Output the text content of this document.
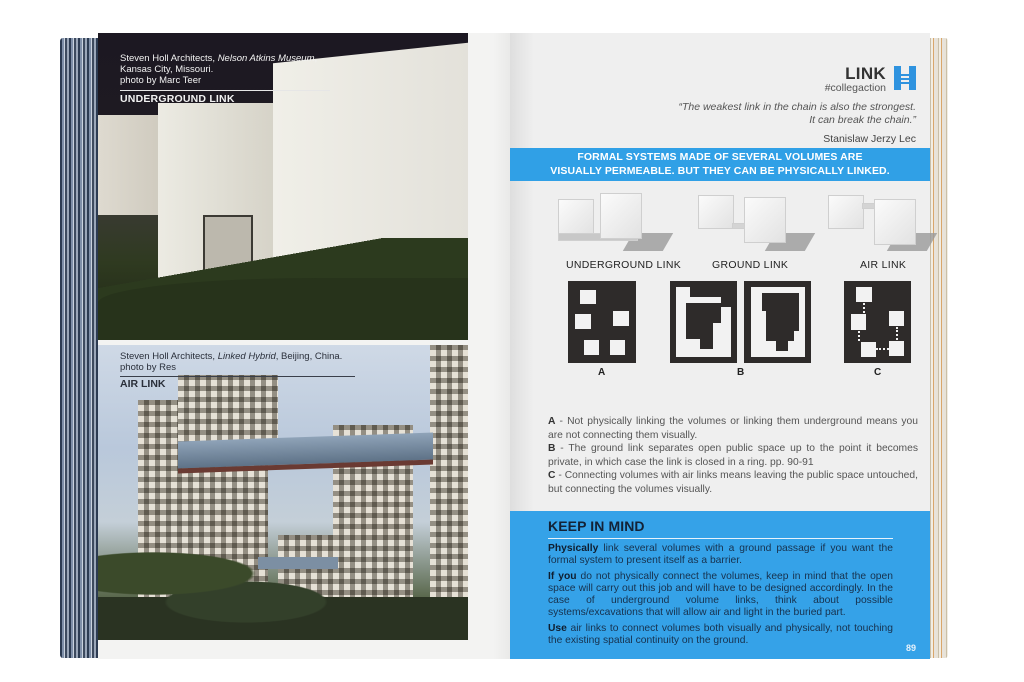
Steven Holl Architects, Nelson Atkins Museum,
Kansas City, Missouri.
photo by Marc Teer
UNDERGROUND LINK
Steven Holl Architects, Linked Hybrid, Beijing, China.
photo by Res
AIR LINK
LINK
#collegaction
“The weakest link in the chain is also the strongest.
It can break the chain.”
Stanislaw Jerzy Lec
FORMAL SYSTEMS MADE OF SEVERAL VOLUMES ARE
VISUALLY PERMEABLE. BUT THEY CAN BE PHYSICALLY LINKED.
UNDERGROUND LINK	GROUND LINK	AIR LINK
A	B	C
A - Not physically linking the volumes or linking them underground means you are not connecting them visually.
B - The ground link separates open public space up to the point it becomes private, in which case the link is closed in a ring. pp. 90-91
C - Connecting volumes with air links means leaving the public space untouched, but connecting the volumes visually.
KEEP IN MIND

Physically link several volumes with a ground passage if you want the formal system to present itself as a barrier.

If you do not physically connect the volumes, keep in mind that the open space will carry out this job and will have to be designed accordingly. In the case of underground volume links, think about possible systems/excavations that will allow air and light in the buried part.

Use air links to connect volumes both visually and physically, not touching the existing spatial continuity on the ground.

89
